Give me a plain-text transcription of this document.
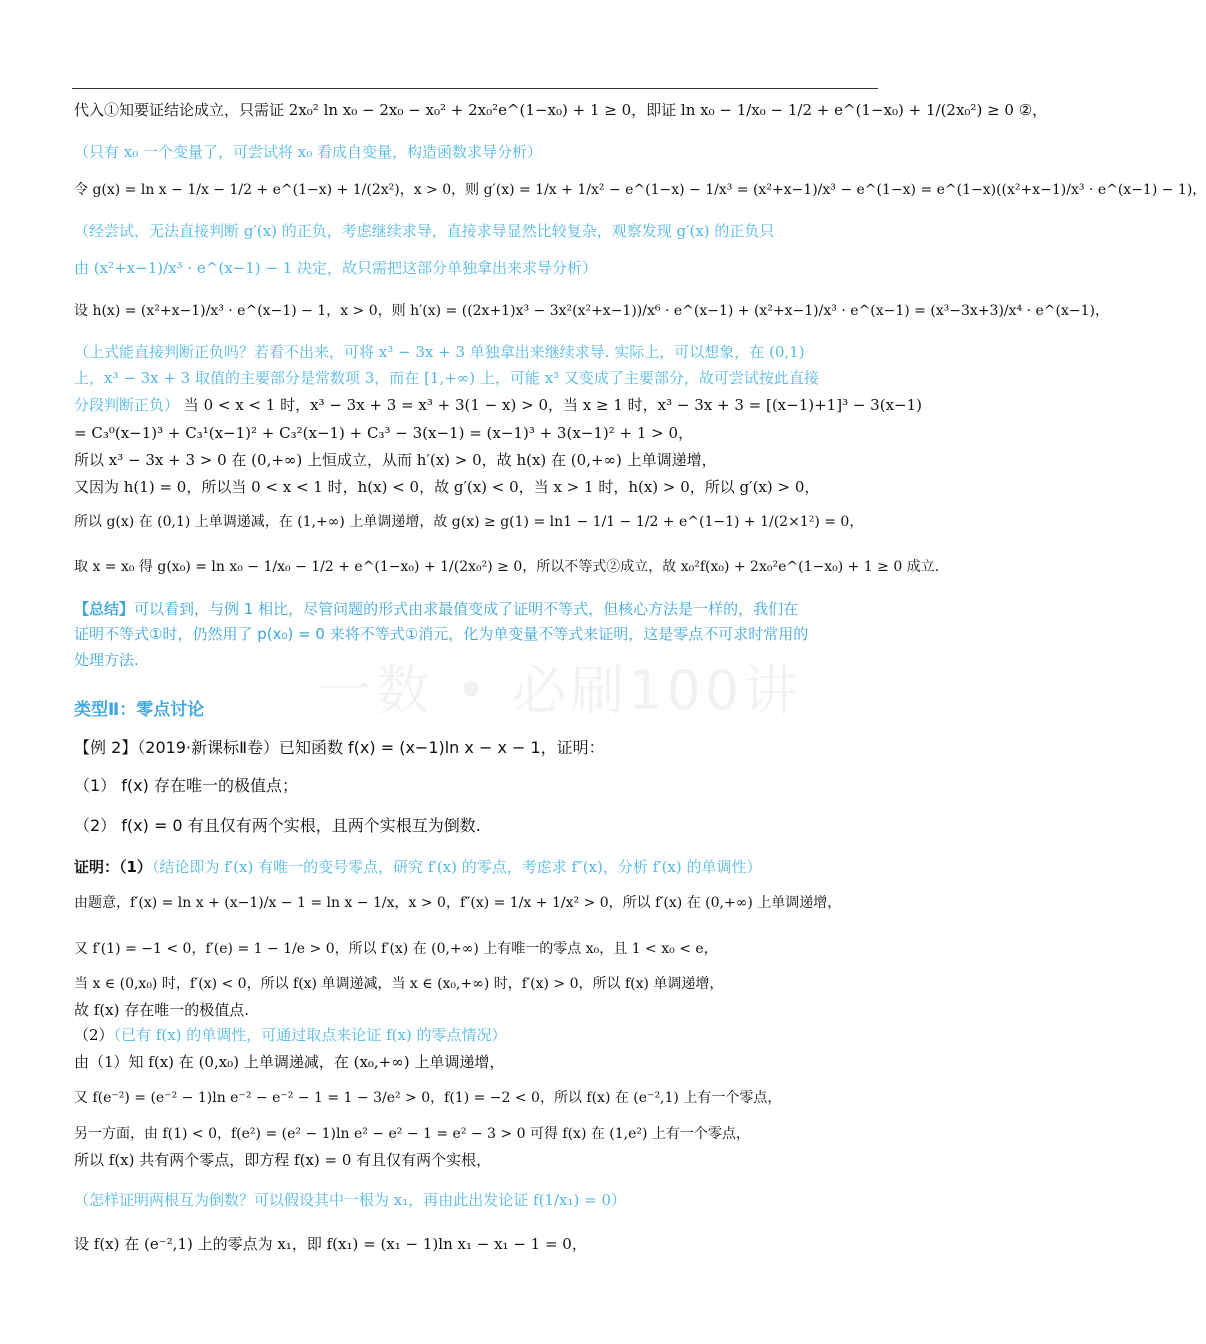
代入①知要证结论成立，只需证 2x₀² ln x₀ − 2x₀ − x₀² + 2x₀²e^(1−x₀) + 1 ≥ 0，即证 ln x₀ − 1/x₀ − 1/2 + e^(1−x₀) + 1/(2x₀²) ≥ 0 ②，
（只有 x₀ 一个变量了，可尝试将 x₀ 看成自变量，构造函数求导分析）
令 g(x) = ln x − 1/x − 1/2 + e^(1−x) + 1/(2x²)，x > 0，则 g′(x) = 1/x + 1/x² − e^(1−x) − 1/x³ = (x²+x−1)/x³ − e^(1−x) = e^(1−x)((x²+x−1)/x³ · e^(x−1) − 1)，
（经尝试，无法直接判断 g′(x) 的正负，考虑继续求导，直接求导显然比较复杂，观察发现 g′(x) 的正负只
由 (x²+x−1)/x³ · e^(x−1) − 1 决定，故只需把这部分单独拿出来求导分析）
设 h(x) = (x²+x−1)/x³ · e^(x−1) − 1，x > 0，则 h′(x) = ((2x+1)x³ − 3x²(x²+x−1))/x⁶ · e^(x−1) + (x²+x−1)/x³ · e^(x−1) = (x³−3x+3)/x⁴ · e^(x−1)，
（上式能直接判断正负吗？若看不出来，可将 x³ − 3x + 3 单独拿出来继续求导. 实际上，可以想象，在 (0,1)
上，x³ − 3x + 3 取值的主要部分是常数项 3，而在 [1,+∞) 上，可能 x³ 又变成了主要部分，故可尝试按此直接
分段判断正负） 当 0 < x < 1 时，x³ − 3x + 3 = x³ + 3(1 − x) > 0，当 x ≥ 1 时，x³ − 3x + 3 = [(x−1)+1]³ − 3(x−1)
= C₃⁰(x−1)³ + C₃¹(x−1)² + C₃²(x−1) + C₃³ − 3(x−1) = (x−1)³ + 3(x−1)² + 1 > 0，
所以 x³ − 3x + 3 > 0 在 (0,+∞) 上恒成立，从而 h′(x) > 0，故 h(x) 在 (0,+∞) 上单调递增，
又因为 h(1) = 0，所以当 0 < x < 1 时，h(x) < 0，故 g′(x) < 0，当 x > 1 时，h(x) > 0，所以 g′(x) > 0，
所以 g(x) 在 (0,1) 上单调递减，在 (1,+∞) 上单调递增，故 g(x) ≥ g(1) = ln1 − 1/1 − 1/2 + e^(1−1) + 1/(2×1²) = 0，
取 x = x₀ 得 g(x₀) = ln x₀ − 1/x₀ − 1/2 + e^(1−x₀) + 1/(2x₀²) ≥ 0，所以不等式②成立，故 x₀²f(x₀) + 2x₀²e^(1−x₀) + 1 ≥ 0 成立.
【总结】可以看到，与例 1 相比，尽管问题的形式由求最值变成了证明不等式，但核心方法是一样的，我们在
证明不等式①时，仍然用了 p(x₀) = 0 来将不等式①消元，化为单变量不等式来证明，这是零点不可求时常用的
处理方法.	一数 • 必刷100讲
类型Ⅱ：零点讨论
【例 2】（2019·新课标Ⅱ卷）已知函数 f(x) = (x−1)ln x − x − 1，证明：
（1） f(x) 存在唯一的极值点；
（2） f(x) = 0 有且仅有两个实根，且两个实根互为倒数.
证明：（1）（结论即为 f′(x) 有唯一的变号零点，研究 f′(x) 的零点，考虑求 f″(x)，分析 f′(x) 的单调性）
由题意，f′(x) = ln x + (x−1)/x − 1 = ln x − 1/x，x > 0，f″(x) = 1/x + 1/x² > 0，所以 f′(x) 在 (0,+∞) 上单调递增，
又 f′(1) = −1 < 0，f′(e) = 1 − 1/e > 0，所以 f′(x) 在 (0,+∞) 上有唯一的零点 x₀，且 1 < x₀ < e，
当 x ∈ (0,x₀) 时，f′(x) < 0，所以 f(x) 单调递减，当 x ∈ (x₀,+∞) 时，f′(x) > 0，所以 f(x) 单调递增，
故 f(x) 存在唯一的极值点.
（2）（已有 f(x) 的单调性，可通过取点来论证 f(x) 的零点情况）
由（1）知 f(x) 在 (0,x₀) 上单调递减，在 (x₀,+∞) 上单调递增，
又 f(e⁻²) = (e⁻² − 1)ln e⁻² − e⁻² − 1 = 1 − 3/e² > 0，f(1) = −2 < 0，所以 f(x) 在 (e⁻²,1) 上有一个零点，
另一方面，由 f(1) < 0，f(e²) = (e² − 1)ln e² − e² − 1 = e² − 3 > 0 可得 f(x) 在 (1,e²) 上有一个零点，
所以 f(x) 共有两个零点，即方程 f(x) = 0 有且仅有两个实根，
（怎样证明两根互为倒数？可以假设其中一根为 x₁，再由此出发论证 f(1/x₁) = 0）
设 f(x) 在 (e⁻²,1) 上的零点为 x₁，即 f(x₁) = (x₁ − 1)ln x₁ − x₁ − 1 = 0，
